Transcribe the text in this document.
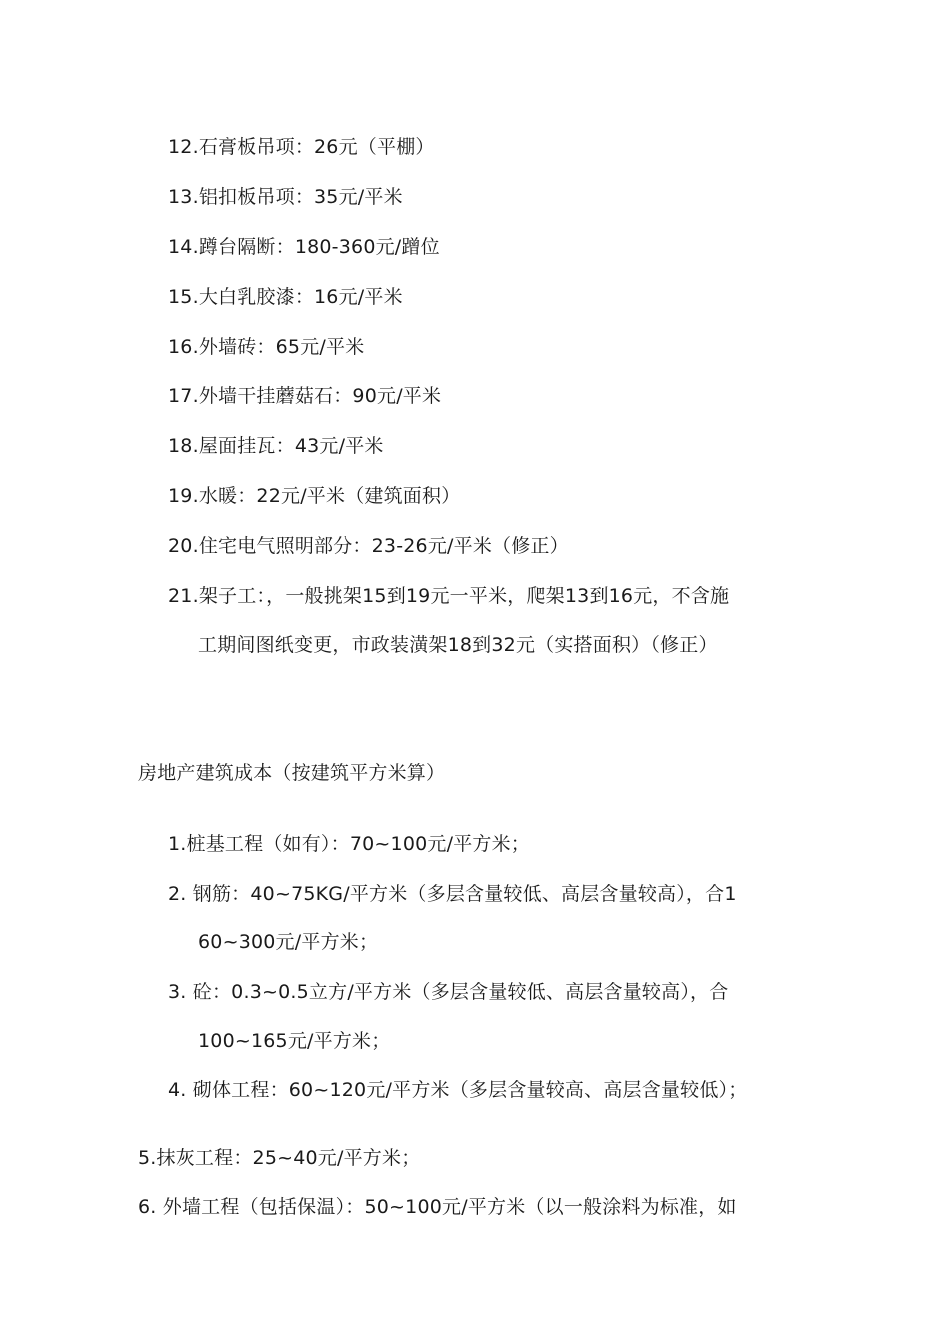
12.石膏板吊项：26元（平棚）
13.铝扣板吊项：35元/平米
14.蹲台隔断：180-360元/蹭位
15.大白乳胶漆：16元/平米
16.外墙砖：65元/平米
17.外墙干挂蘑菇石：90元/平米
18.屋面挂瓦：43元/平米
19.水暖：22元/平米（建筑面积）
20.住宅电气照明部分：23-26元/平米（修正）
21.架子工：，一般挑架15到19元一平米，爬架13到16元，不含施
工期间图纸变更，市政装潢架18到32元（实搭面积）（修正）
房地产建筑成本（按建筑平方米算）
1.桩基工程（如有）：70~100元/平方米；
2. 钢筋：40~75KG/平方米（多层含量较低、高层含量较高），合1
60~300元/平方米；
3. 砼：0.3~0.5立方/平方米（多层含量较低、高层含量较高），合
100~165元/平方米；
4. 砌体工程：60~120元/平方米（多层含量较高、高层含量较低）；
5.抹灰工程：25~40元/平方米；
6. 外墙工程（包括保温）：50~100元/平方米（以一般涂料为标准，如
